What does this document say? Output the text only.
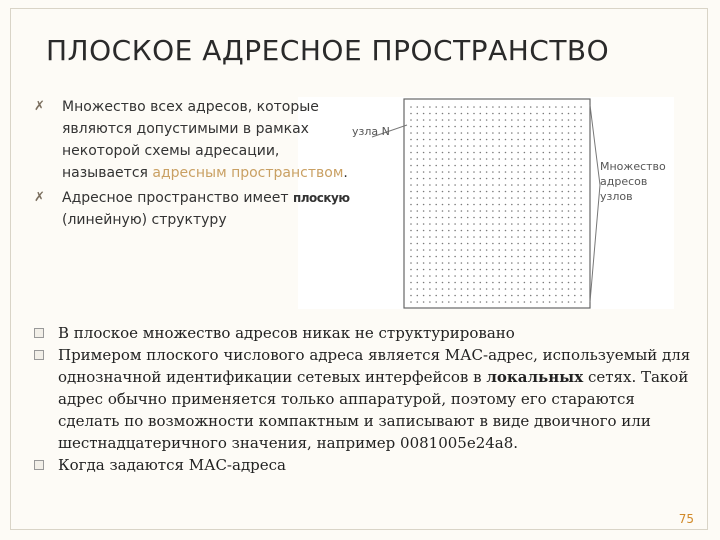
ПЛОСКОЕ АДРЕСНОЕ ПРОСТРАНСТВО
узла N
Множество адресов узлов
✗ Множество всех адресов, которые являются допустимыми в рамках некоторой схемы адресации, называется адресным пространством.
✗ Адресное пространство имеет плоскую (линейную) структуру
В плоское множество адресов никак не структурировано
Примером плоского числового адреса является МАС-адрес, используемый для однозначной идентификации сетевых интерфейсов в локальных сетях. Такой адрес обычно применяется только аппаратурой, поэтому его стараются сделать по возможности компактным и записывают в виде двоичного или шестнадцатеричного значения, например 0081005е24а8.
Когда задаются МАС-адреса
75
